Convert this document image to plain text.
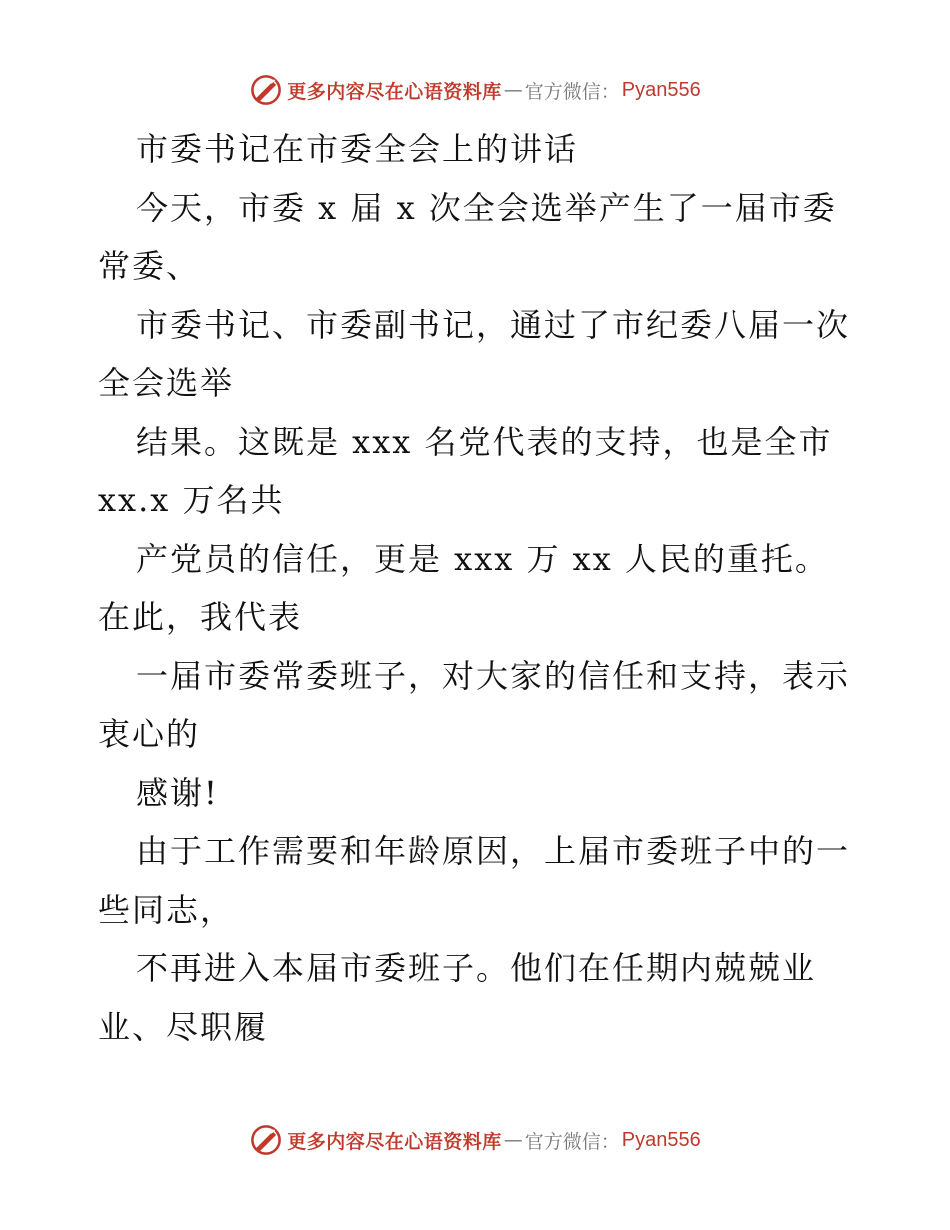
更多内容尽在心语资料库 — 官方微信： Pyan556
市委书记在市委全会上的讲话
今天，市委 x 届 x 次全会选举产生了一届市委
常委、
市委书记、市委副书记，通过了市纪委八届一次
全会选举
结果。这既是 xxx 名党代表的支持，也是全市
xx.x 万名共
产党员的信任，更是 xxx 万 xx 人民的重托。
在此，我代表
一届市委常委班子，对大家的信任和支持，表示
衷心的
感谢!
由于工作需要和年龄原因，上届市委班子中的一
些同志，
不再进入本届市委班子。他们在任期内兢兢业
业、尽职履
更多内容尽在心语资料库 — 官方微信： Pyan556
